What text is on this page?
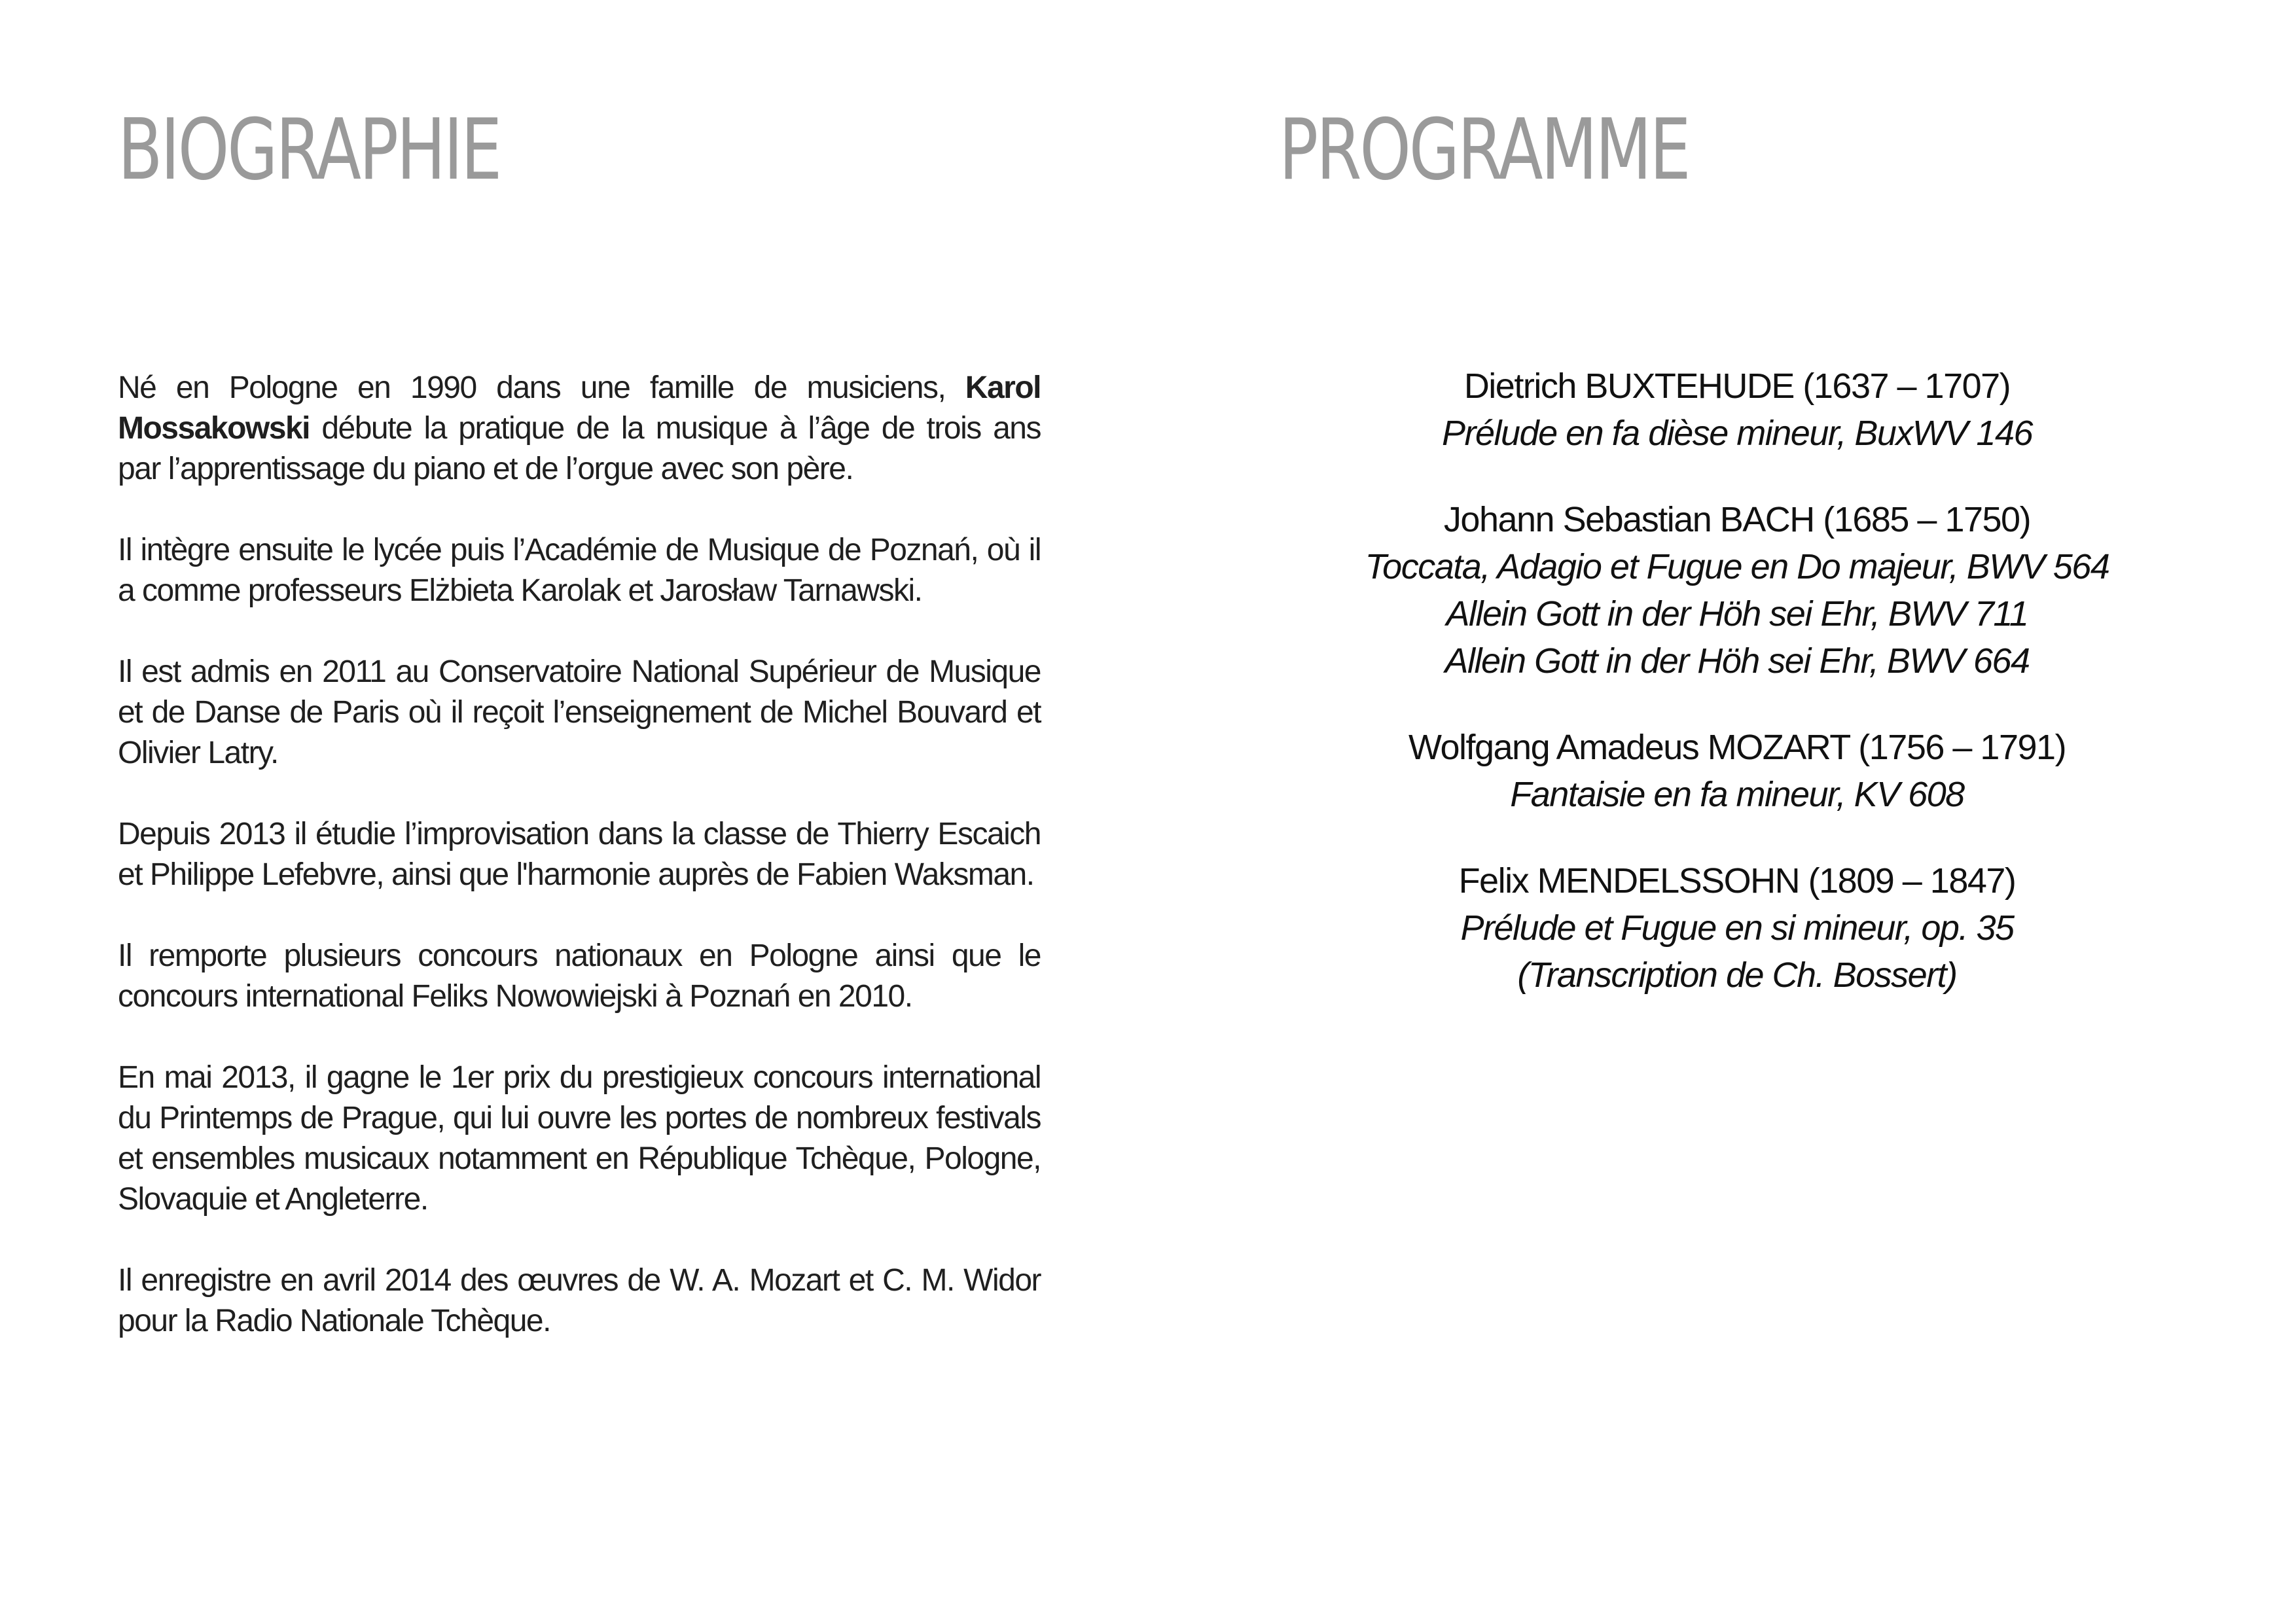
BIOGRAPHIE

Né en Pologne en 1990 dans une famille de musiciens, Karol Mossakowski débute la pratique de la musique à l’âge de trois ans par l’apprentissage du piano et de l’orgue avec son père.

Il intègre ensuite le lycée puis l’Académie de Musique de Poznań, où il a comme professeurs Elżbieta Karolak et Jarosław Tarnawski.

Il est admis en 2011 au Conservatoire National Supérieur de Musique et de Danse de Paris où il reçoit l’enseignement de Michel Bouvard et Olivier Latry.

Depuis 2013 il étudie l’improvisation dans la classe de Thierry Escaich et Philippe Lefebvre, ainsi que l'harmonie auprès de Fabien Waksman.

Il remporte plusieurs concours nationaux en Pologne ainsi que le concours international Feliks Nowowiejski à Poznań en 2010.

En mai 2013, il gagne le 1er prix du prestigieux concours international du Printemps de Prague, qui lui ouvre les portes de nombreux festivals et ensembles musicaux notamment en République Tchèque, Pologne, Slovaquie et Angleterre.

Il enregistre en avril 2014 des œuvres de W. A. Mozart et C. M. Widor pour la Radio Nationale Tchèque.

PROGRAMME
Dietrich BUXTEHUDE (1637 – 1707)
Prélude en fa dièse mineur, BuxWV 146
Johann Sebastian BACH (1685 – 1750)
Toccata, Adagio et Fugue en Do majeur, BWV 564
Allein Gott in der Höh sei Ehr, BWV 711
Allein Gott in der Höh sei Ehr, BWV 664
Wolfgang Amadeus MOZART (1756 – 1791)
Fantaisie en fa mineur, KV 608
Felix MENDELSSOHN (1809 – 1847)
Prélude et Fugue en si mineur, op. 35
(Transcription de Ch. Bossert)
